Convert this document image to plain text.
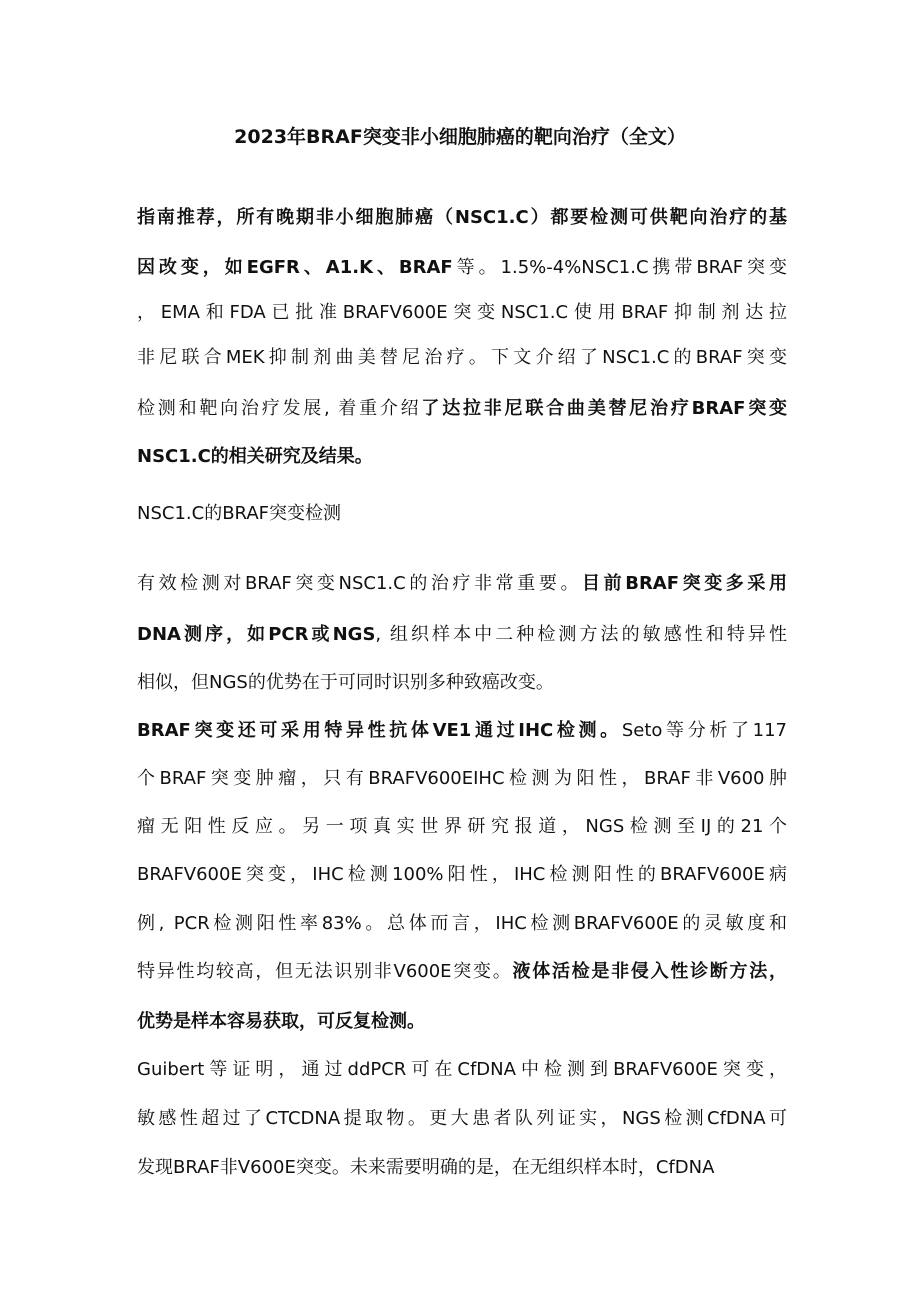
2023年BRAF突变非小细胞肺癌的靶向治疗（全文）
指南推荐，所有晚期非小细胞肺癌（NSC1.C）都要检测可供靶向治疗的基
因改变，如EGFR、A1.K、BRAF等。1.5%-4%NSC1.C携带BRAF突变
，EMA和FDA已批准BRAFV600E突变NSC1.C使用BRAF抑制剂达拉
非尼联合MEK抑制剂曲美替尼治疗。下文介绍了NSC1.C的BRAF突变
检测和靶向治疗发展, 着重介绍了达拉非尼联合曲美替尼治疗BRAF突变
NSC1.C的相关研究及结果。
NSC1.C的BRAF突变检测
有效检测对BRAF突变NSC1.C的治疗非常重要。目前BRAF突变多采用
DNA测序，如PCR或NGS, 组织样本中二种检测方法的敏感性和特异性
相似，但NGS的优势在于可同时识别多种致癌改变。
BRAF突变还可采用特异性抗体VE1通过IHC检测。Seto等分析了117
个BRAF突变肿瘤，只有BRAFV600EIHC检测为阳性，BRAF非V600肿
瘤无阳性反应。另一项真实世界研究报道，NGS检测至IJ的21个
BRAFV600E突变，IHC检测100%阳性，IHC检测阳性的BRAFV600E病
例, PCR检测阳性率83%。总体而言，IHC检测BRAFV600E的灵敏度和
特异性均较高，但无法识别非V600E突变。液体活检是非侵入性诊断方法，
优势是样本容易获取，可反复检测。
Guibert等证明，通过ddPCR可在CfDNA中检测到BRAFV600E突变，
敏感性超过了CTCDNA提取物。更大患者队列证实，NGS检测CfDNA可
发现BRAF非V600E突变。未来需要明确的是，在无组织样本时，CfDNA
